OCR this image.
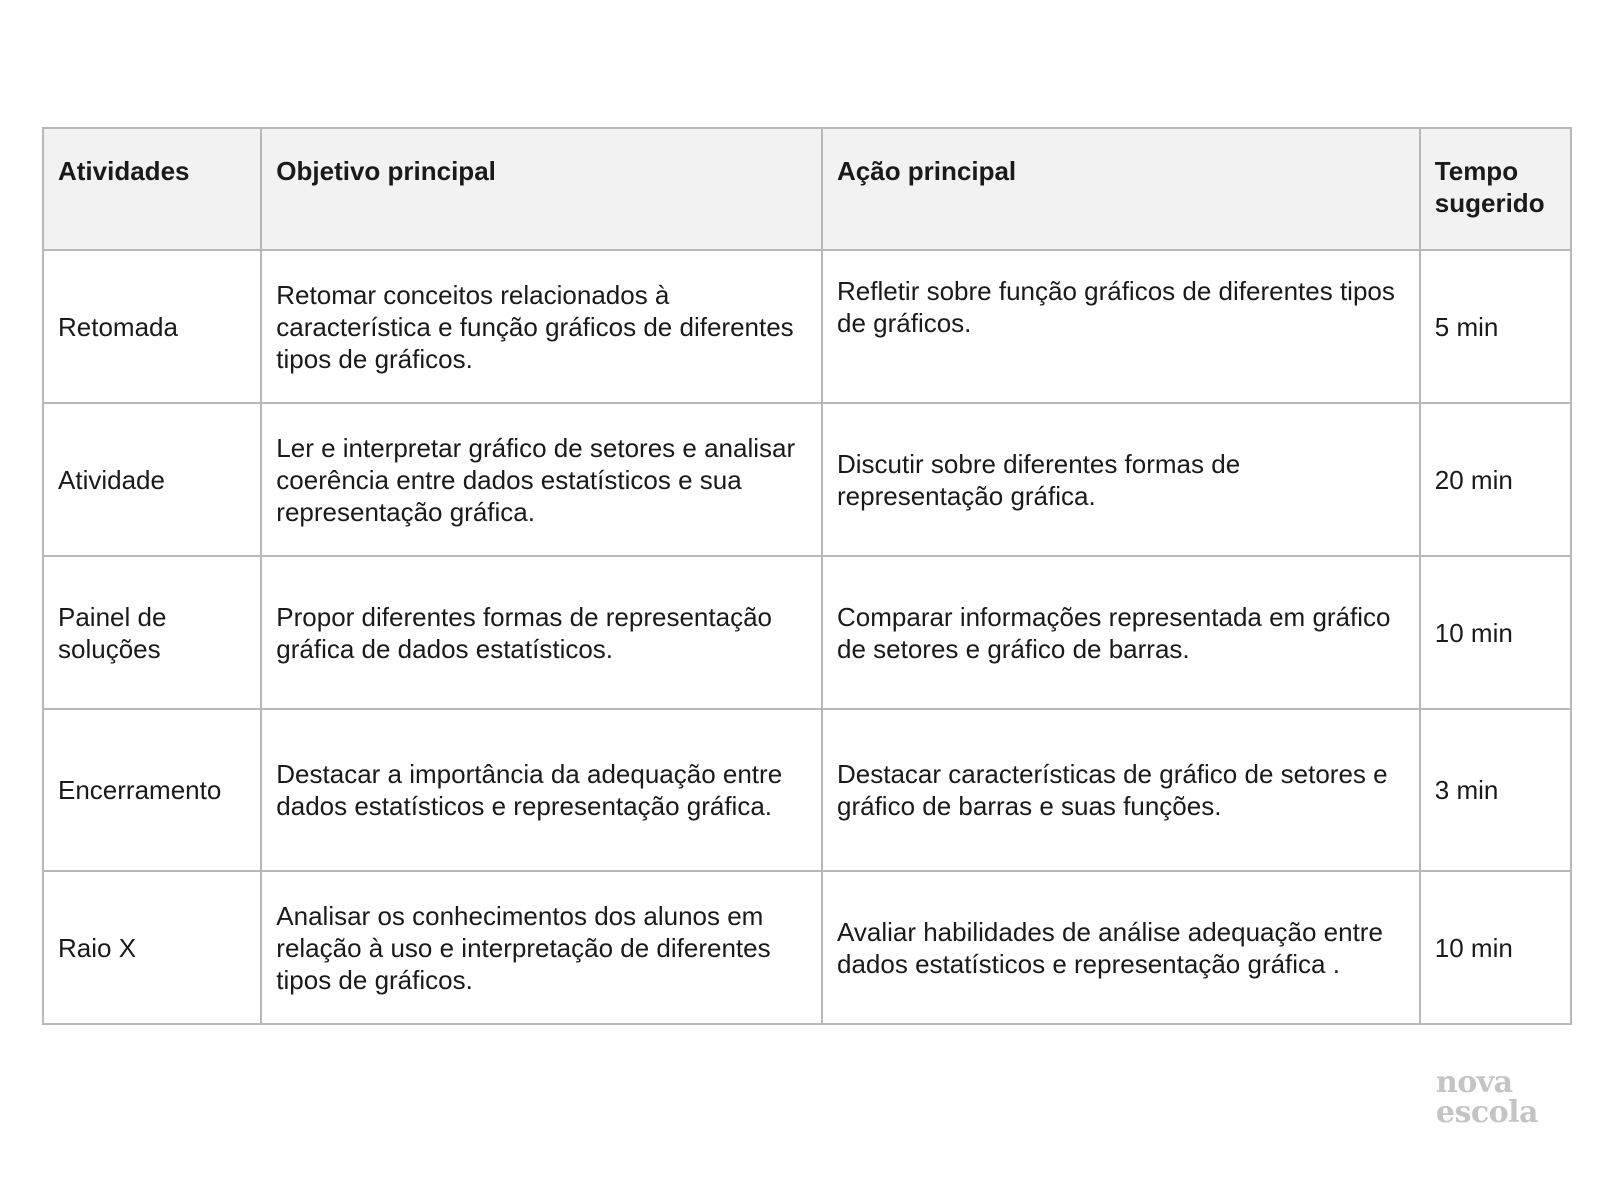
Atividades	Objetivo principal	Ação principal	Tempo sugerido
Retomada	Retomar conceitos relacionados à característica e função gráficos de diferentes tipos de gráficos.	Refletir sobre função gráficos de diferentes tipos de gráficos.	5 min
Atividade	Ler e interpretar gráfico de setores e analisar coerência entre dados estatísticos e sua representação gráfica.	Discutir sobre diferentes formas de representação gráfica.	20 min
Painel de soluções	Propor diferentes formas de representação gráfica de dados estatísticos.	Comparar informações representada em gráfico de setores e gráfico de barras.	10 min
Encerramento	Destacar a importância da adequação entre dados estatísticos e representação gráfica.	Destacar características de gráfico de setores e gráfico de barras e suas funções.	3 min
Raio X	Analisar os conhecimentos dos alunos em relação à uso e interpretação de diferentes tipos de gráficos.	Avaliar habilidades de análise adequação entre dados estatísticos e representação gráfica .	10 min
nova
escola
